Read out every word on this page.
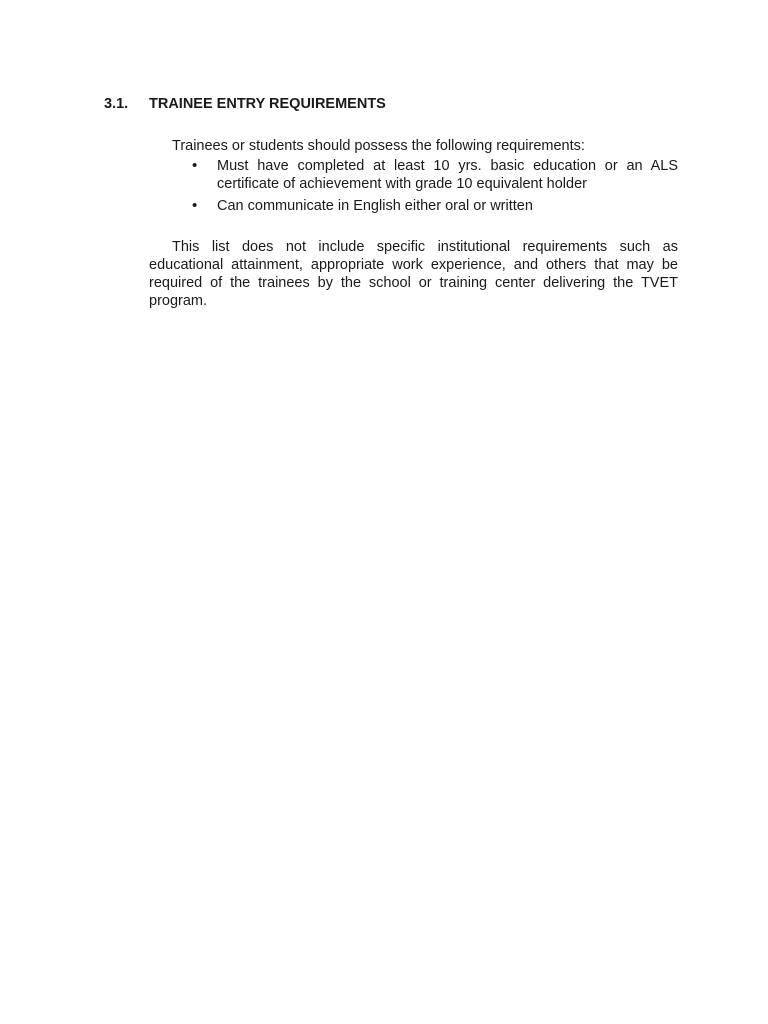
3.1.	TRAINEE ENTRY REQUIREMENTS
Trainees or students should possess the following requirements:
• Must have completed at least 10 yrs. basic education or an ALS certificate of achievement with grade 10 equivalent holder
• Can communicate in English either oral or written

This list does not include specific institutional requirements such as educational attainment, appropriate work experience, and others that may be required of the trainees by the school or training center delivering the TVET program.
